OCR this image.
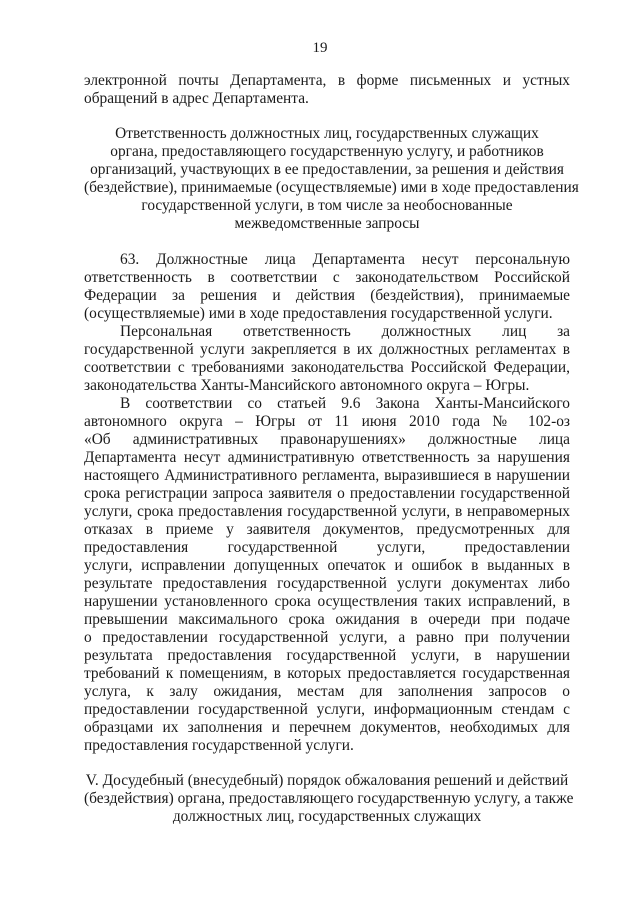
19
электронной почты Департамента, в форме письменных и устных
обращений в адрес Департамента.
Ответственность должностных лиц, государственных служащих
органа, предоставляющего государственную услугу, и работников
организаций, участвующих в ее предоставлении, за решения и действия
(бездействие), принимаемые (осуществляемые) ими в ходе предоставления
государственной услуги, в том числе за необоснованные
межведомственные запросы
63. Должностные лица Департамента несут персональную
ответственность в соответствии с законодательством Российской
Федерации за решения и действия (бездействия), принимаемые
(осуществляемые) ими в ходе предоставления государственной услуги.
Персональная ответственность должностных лиц за
государственной услуги закрепляется в их должностных регламентах в
соответствии с требованиями законодательства Российской Федерации,
законодательства Ханты-Мансийского автономного округа – Югры.
В соответствии со статьей 9.6 Закона Ханты-Мансийского
автономного округа – Югры от 11 июня 2010 года № 102-оз
«Об административных правонарушениях» должностные лица
Департамента несут административную ответственность за нарушения
настоящего Административного регламента, выразившиеся в нарушении
срока регистрации запроса заявителя о предоставлении государственной
услуги, срока предоставления государственной услуги, в неправомерных
отказах в приеме у заявителя документов, предусмотренных для
предоставления государственной услуги, предоставлении
услуги, исправлении допущенных опечаток и ошибок в выданных в
результате предоставления государственной услуги документах либо
нарушении установленного срока осуществления таких исправлений, в
превышении максимального срока ожидания в очереди при подаче
о предоставлении государственной услуги, а равно при получении
результата предоставления государственной услуги, в нарушении
требований к помещениям, в которых предоставляется государственная
услуга, к залу ожидания, местам для заполнения запросов о
предоставлении государственной услуги, информационным стендам с
образцами их заполнения и перечнем документов, необходимых для
предоставления государственной услуги.
V. Досудебный (внесудебный) порядок обжалования решений и действий
(бездействия) органа, предоставляющего государственную услугу, а также
должностных лиц, государственных служащих
